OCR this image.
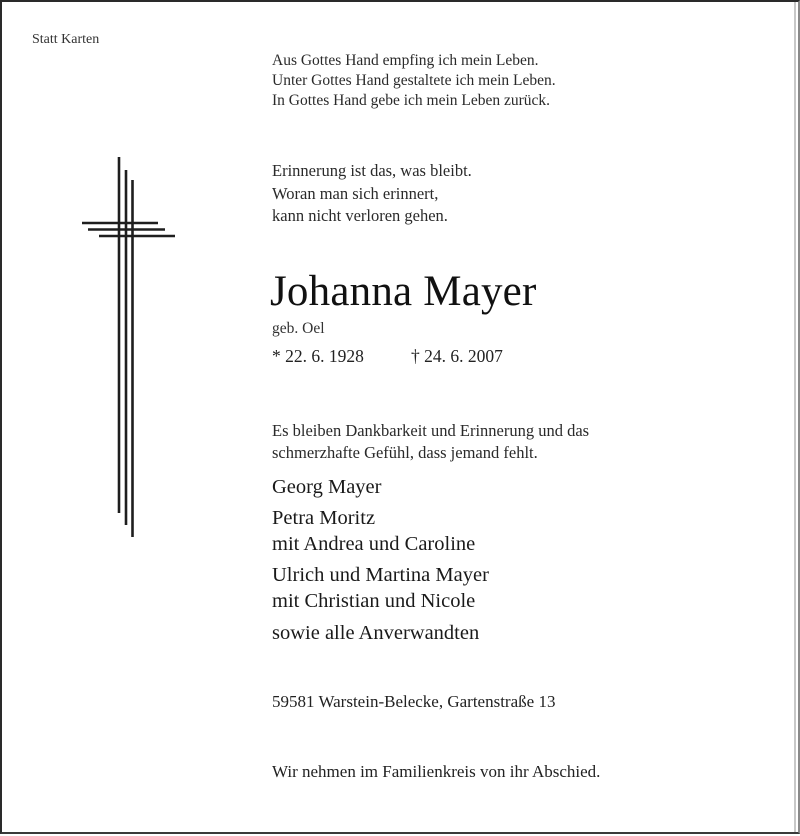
Statt Karten
Aus Gottes Hand empfing ich mein Leben.
Unter Gottes Hand gestaltete ich mein Leben.
In Gottes Hand gebe ich mein Leben zurück.
Erinnerung ist das, was bleibt.
Woran man sich erinnert,
kann nicht verloren gehen.
Johanna Mayer
geb. Oel
* 22. 6. 1928	† 24. 6. 2007
Es bleiben Dankbarkeit und Erinnerung und das
schmerzhafte Gefühl, dass jemand fehlt.
Georg Mayer
Petra Moritz
mit Andrea und Caroline
Ulrich und Martina Mayer
mit Christian und Nicole
sowie alle Anverwandten
59581 Warstein-Belecke, Gartenstraße 13
Wir nehmen im Familienkreis von ihr Abschied.
